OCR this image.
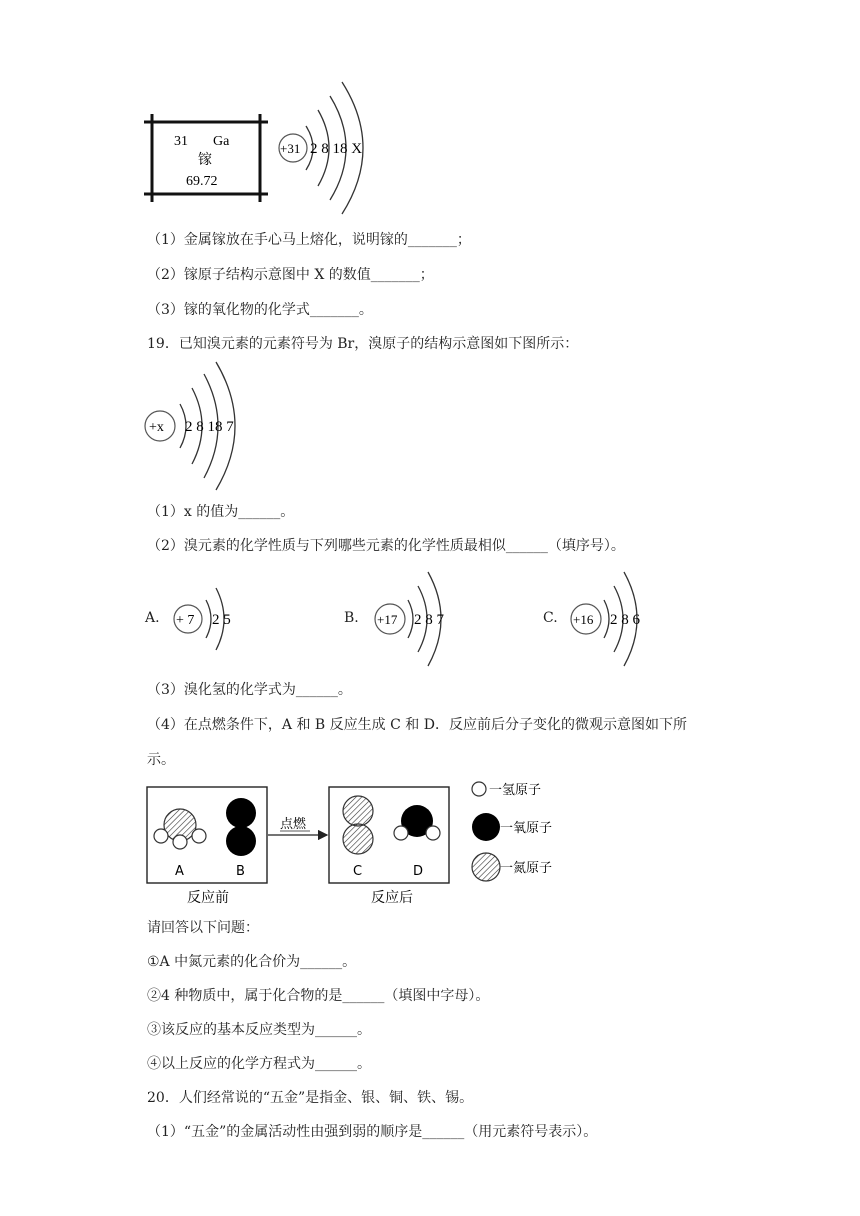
31 Ga
镓
69.72
+31 2 8 18 X
（1）金属镓放在手心马上熔化，说明镓的_______；
（2）镓原子结构示意图中 X 的数值_______；
（3）镓的氧化物的化学式_______。
19．已知溴元素的元素符号为 Br，溴原子的结构示意图如下图所示：
+x 2 8 18 7
（1）x 的值为______。
（2）溴元素的化学性质与下列哪些元素的化学性质最相似______（填序号）。
A. + 7 2 5	B. +17 2 8 7	C. +16 2 8 6
（3）溴化氢的化学式为______。
（4）在点燃条件下，A 和 B 反应生成 C 和 D．反应前后分子变化的微观示意图如下所
示。
A	B
点燃
C	D
反应前	反应后
一氢原子
一氧原子
一氮原子
请回答以下问题：
①A 中氮元素的化合价为______。
②4 种物质中，属于化合物的是______（填图中字母）。
③该反应的基本反应类型为______。
④以上反应的化学方程式为______。
20．人们经常说的“五金”是指金、银、铜、铁、锡。
（1）“五金”的金属活动性由强到弱的顺序是______（用元素符号表示）。
